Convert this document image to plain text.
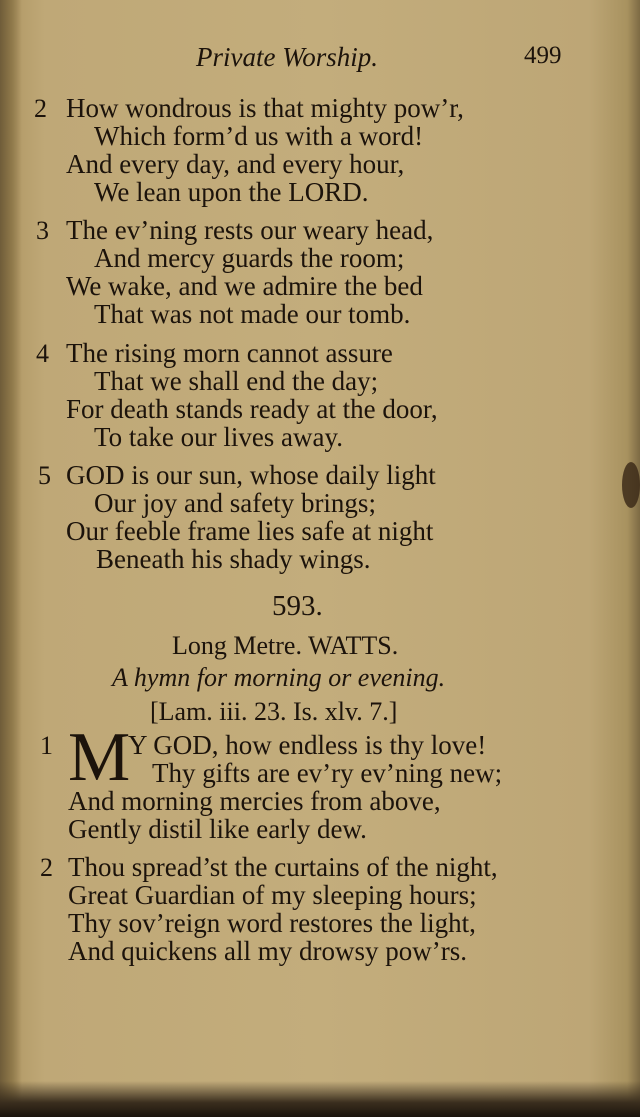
Private Worship.	499
2 How wondrous is that mighty pow’r,
Which form’d us with a word!
And every day, and every hour,
We lean upon the LORD.
3 The ev’ning rests our weary head,
And mercy guards the room;
We wake, and we admire the bed
That was not made our tomb.
4 The rising morn cannot assure
That we shall end the day;
For death stands ready at the door,
To take our lives away.
5 GOD is our sun, whose daily light
Our joy and safety brings;
Our feeble frame lies safe at night
Beneath his shady wings.
593.
Long Metre. WATTS.
A hymn for morning or evening.
[Lam. iii. 23. Is. xlv. 7.]
1 M
Y GOD, how endless is thy love!
Thy gifts are ev’ry ev’ning new;
And morning mercies from above,
Gently distil like early dew.
2 Thou spread’st the curtains of the night,
Great Guardian of my sleeping hours;
Thy sov’reign word restores the light,
And quickens all my drowsy pow’rs.
